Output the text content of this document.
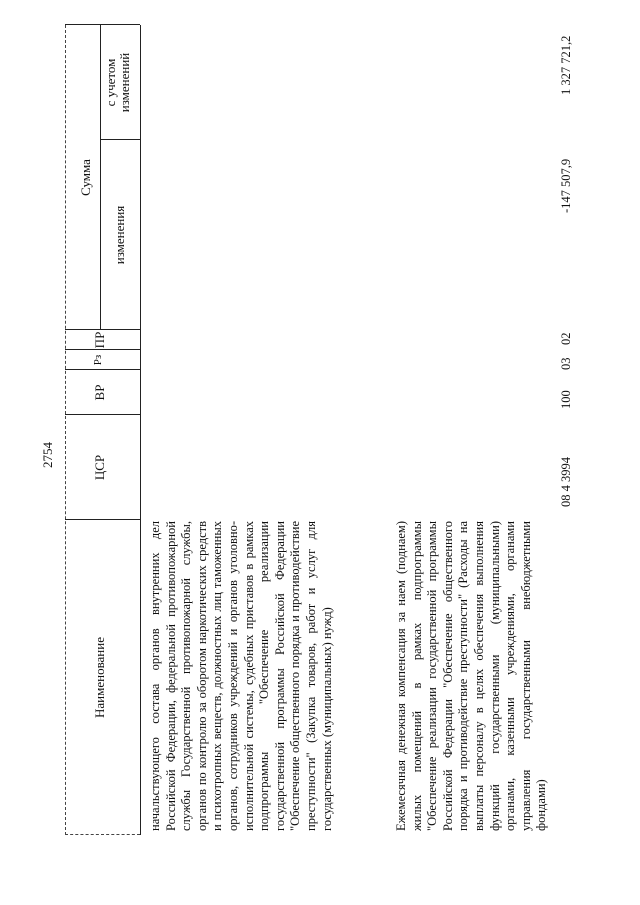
2754
Наименование
ЦСР
ВР
Рз
ПР
Сумма
изменения
с учетом изменений
начальствующего состава органов внутренних дел Российской Федерации, федеральной противопожарной службы Государственной противопожарной службы, органов по контролю за оборотом наркотических средств и психотропных веществ, должностных лиц таможенных органов, сотрудников учреждений и органов уголовно-исполнительной системы, судебных приставов в рамках подпрограммы "Обеспечение реализации государственной программы Российской Федерации "Обеспечение общественного порядка и противодействие преступности" (Закупка товаров, работ и услуг для государственных (муниципальных) нужд)	Ежемесячная денежная компенсация за наем (поднаем) жилых помещений в рамках подпрограммы "Обеспечение реализации государственной программы Российской Федерации "Обеспечение общественного порядка и противодействие преступности" (Расходы на выплаты персоналу в целях обеспечения выполнения функций государственными (муниципальными) органами, казенными учреждениями, органами управления государственными внебюджетными фондами)
08 4 3994
100
03
02
-147 507,9
1 327 721,2
